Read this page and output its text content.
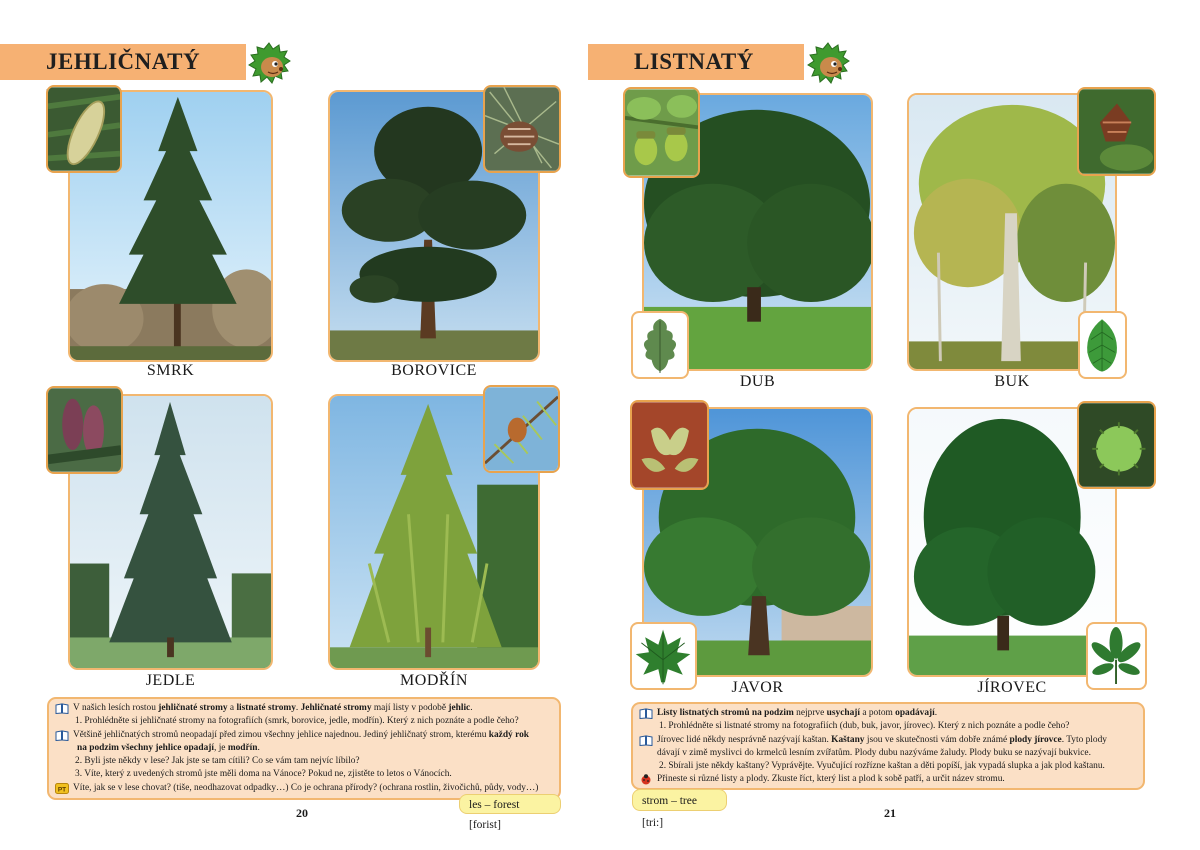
JEHLIČNATÝ
SMRK	BOROVICE
JEDLE	MODŘÍN
V našich lesích rostou jehličnaté stromy a listnaté stromy. Jehličnaté stromy mají listy v podobě jehlic.
1. Prohlédněte si jehličnaté stromy na fotografiích (smrk, borovice, jedle, modřín). Který z nich poznáte a podle čeho?
Většině jehličnatých stromů neopadají před zimou všechny jehlice najednou. Jediný jehličnatý strom, kterému každý rok
na podzim všechny jehlice opadají, je modřín.
2. Byli jste někdy v lese? Jak jste se tam cítili? Co se vám tam nejvíc líbilo?
3. Víte, který z uvedených stromů jste měli doma na Vánoce? Pokud ne, zjistěte to letos o Vánocích.
PT Víte, jak se v lese chovat? (tiše, neodhazovat odpadky…) Co je ochrana přírody? (ochrana rostlin, živočichů, půdy, vody…)
les – forest [forist]
20
LISTNATÝ
DUB	BUK
JAVOR	JÍROVEC
Listy listnatých stromů na podzim nejprve usychají a potom opadávají.
1. Prohlédněte si listnaté stromy na fotografiích (dub, buk, javor, jírovec). Který z nich poznáte a podle čeho?
Jírovec lidé někdy nesprávně nazývají kaštan. Kaštany jsou ve skutečnosti vám dobře známé plody jírovce. Tyto plody
dávají v zimě myslivci do krmelců lesním zvířatům. Plody dubu nazýváme žaludy. Plody buku se nazývají bukvice.
2. Sbírali jste někdy kaštany? Vyprávějte. Vyučující rozříznе kaštan a děti popíší, jak vypadá slupka a jak plod kaštanu.
Přineste si různé listy a plody. Zkuste říct, který list a plod k sobě patří, a určit název stromu.
strom – tree [tri:]
21
